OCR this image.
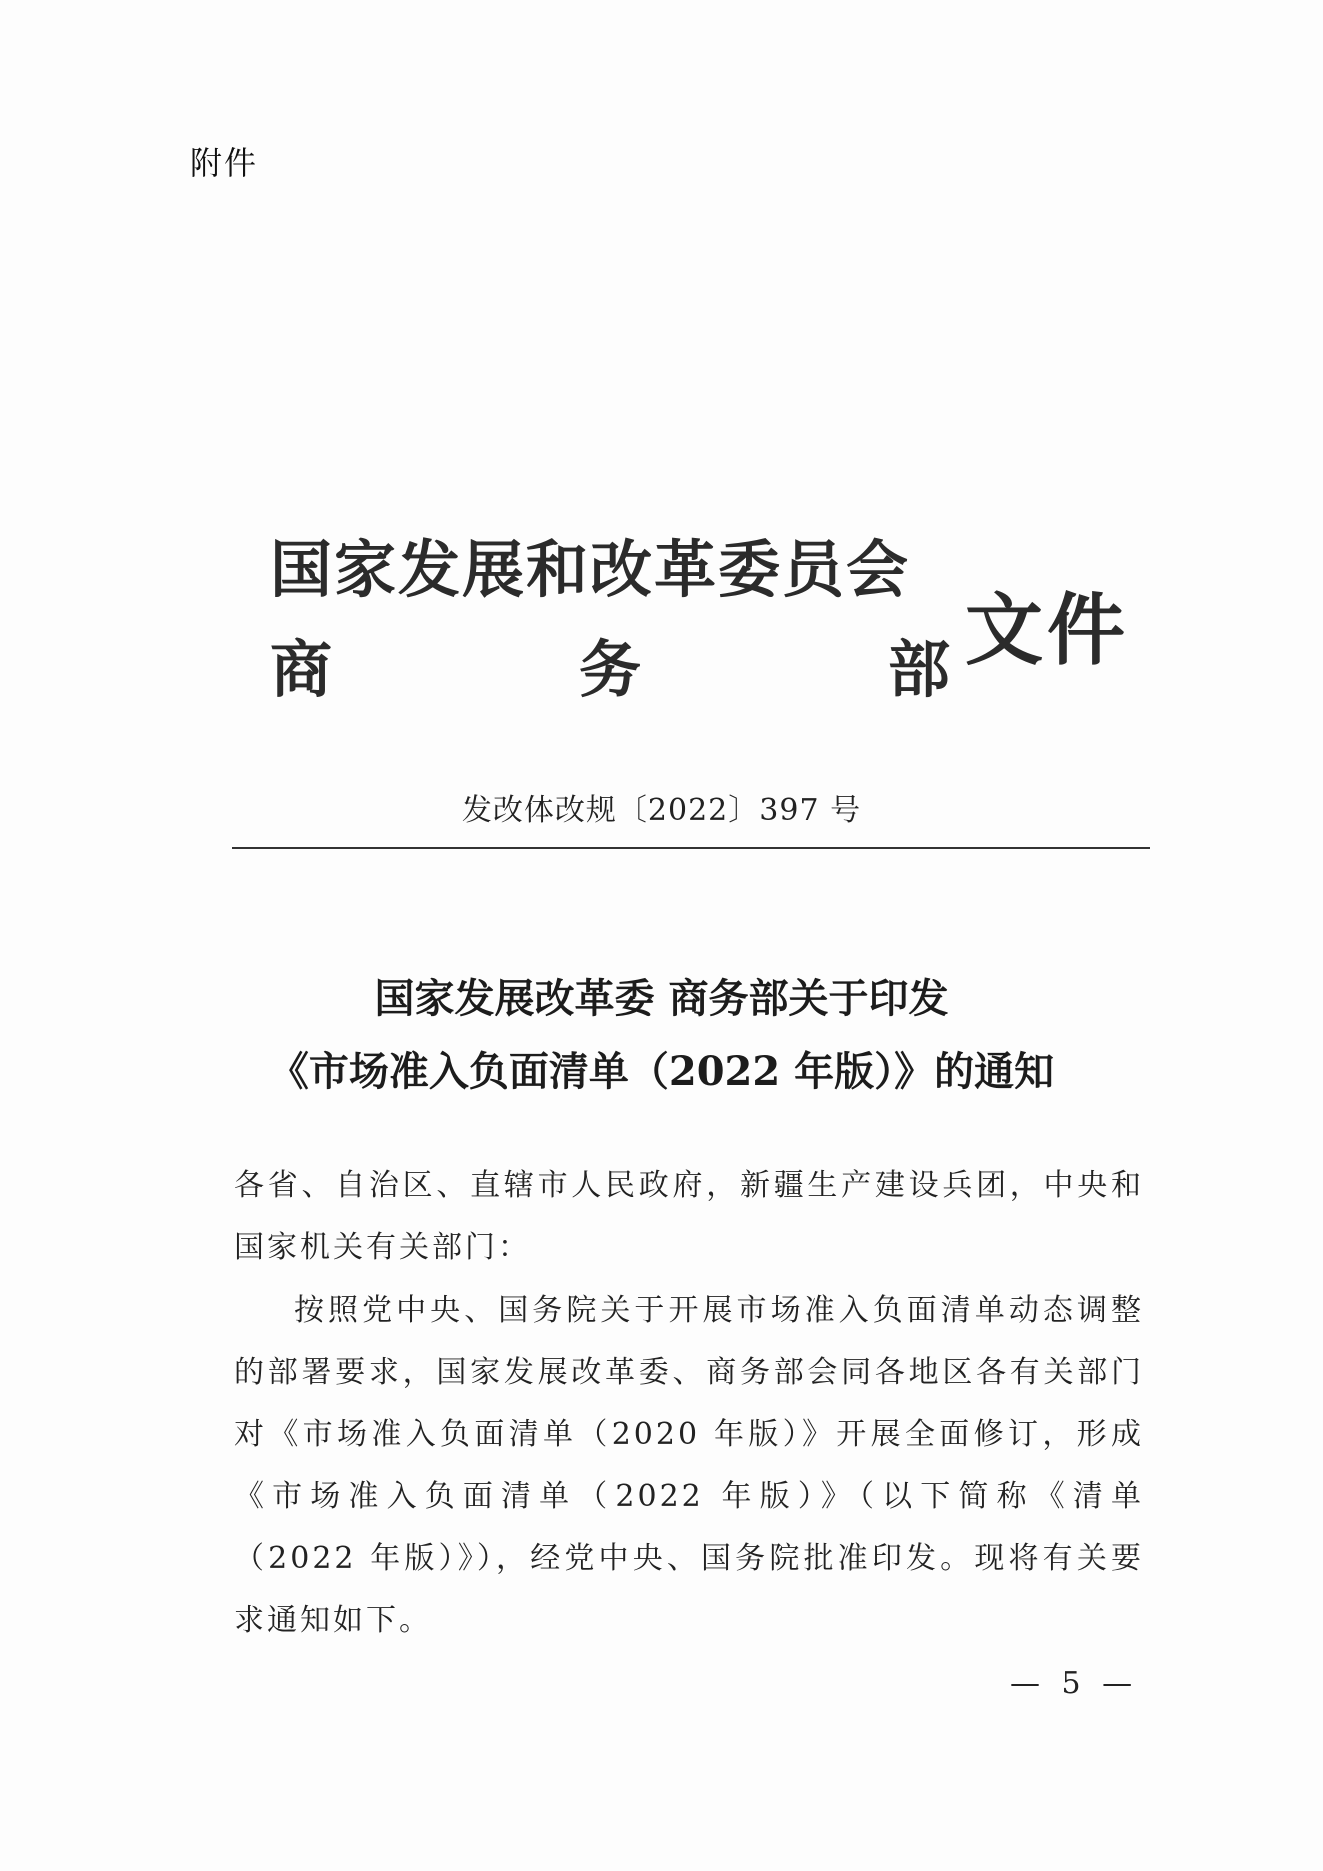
附件
国家发展和改革委员会
商	务	部 文件
发改体改规〔2022〕397 号
国家发展改革委 商务部关于印发
《市场准入负面清单（2022 年版）》的通知
各省、自治区、直辖市人民政府，新疆生产建设兵团，中央和国家机关有关部门：
按照党中央、国务院关于开展市场准入负面清单动态调整的部署要求，国家发展改革委、商务部会同各地区各有关部门对《市场准入负面清单（2020 年版）》开展全面修订，形成《市场准入负面清单（2022 年版）》（以下简称《清单（2022 年版）》），经党中央、国务院批准印发。现将有关要求通知如下。
— 5 —
